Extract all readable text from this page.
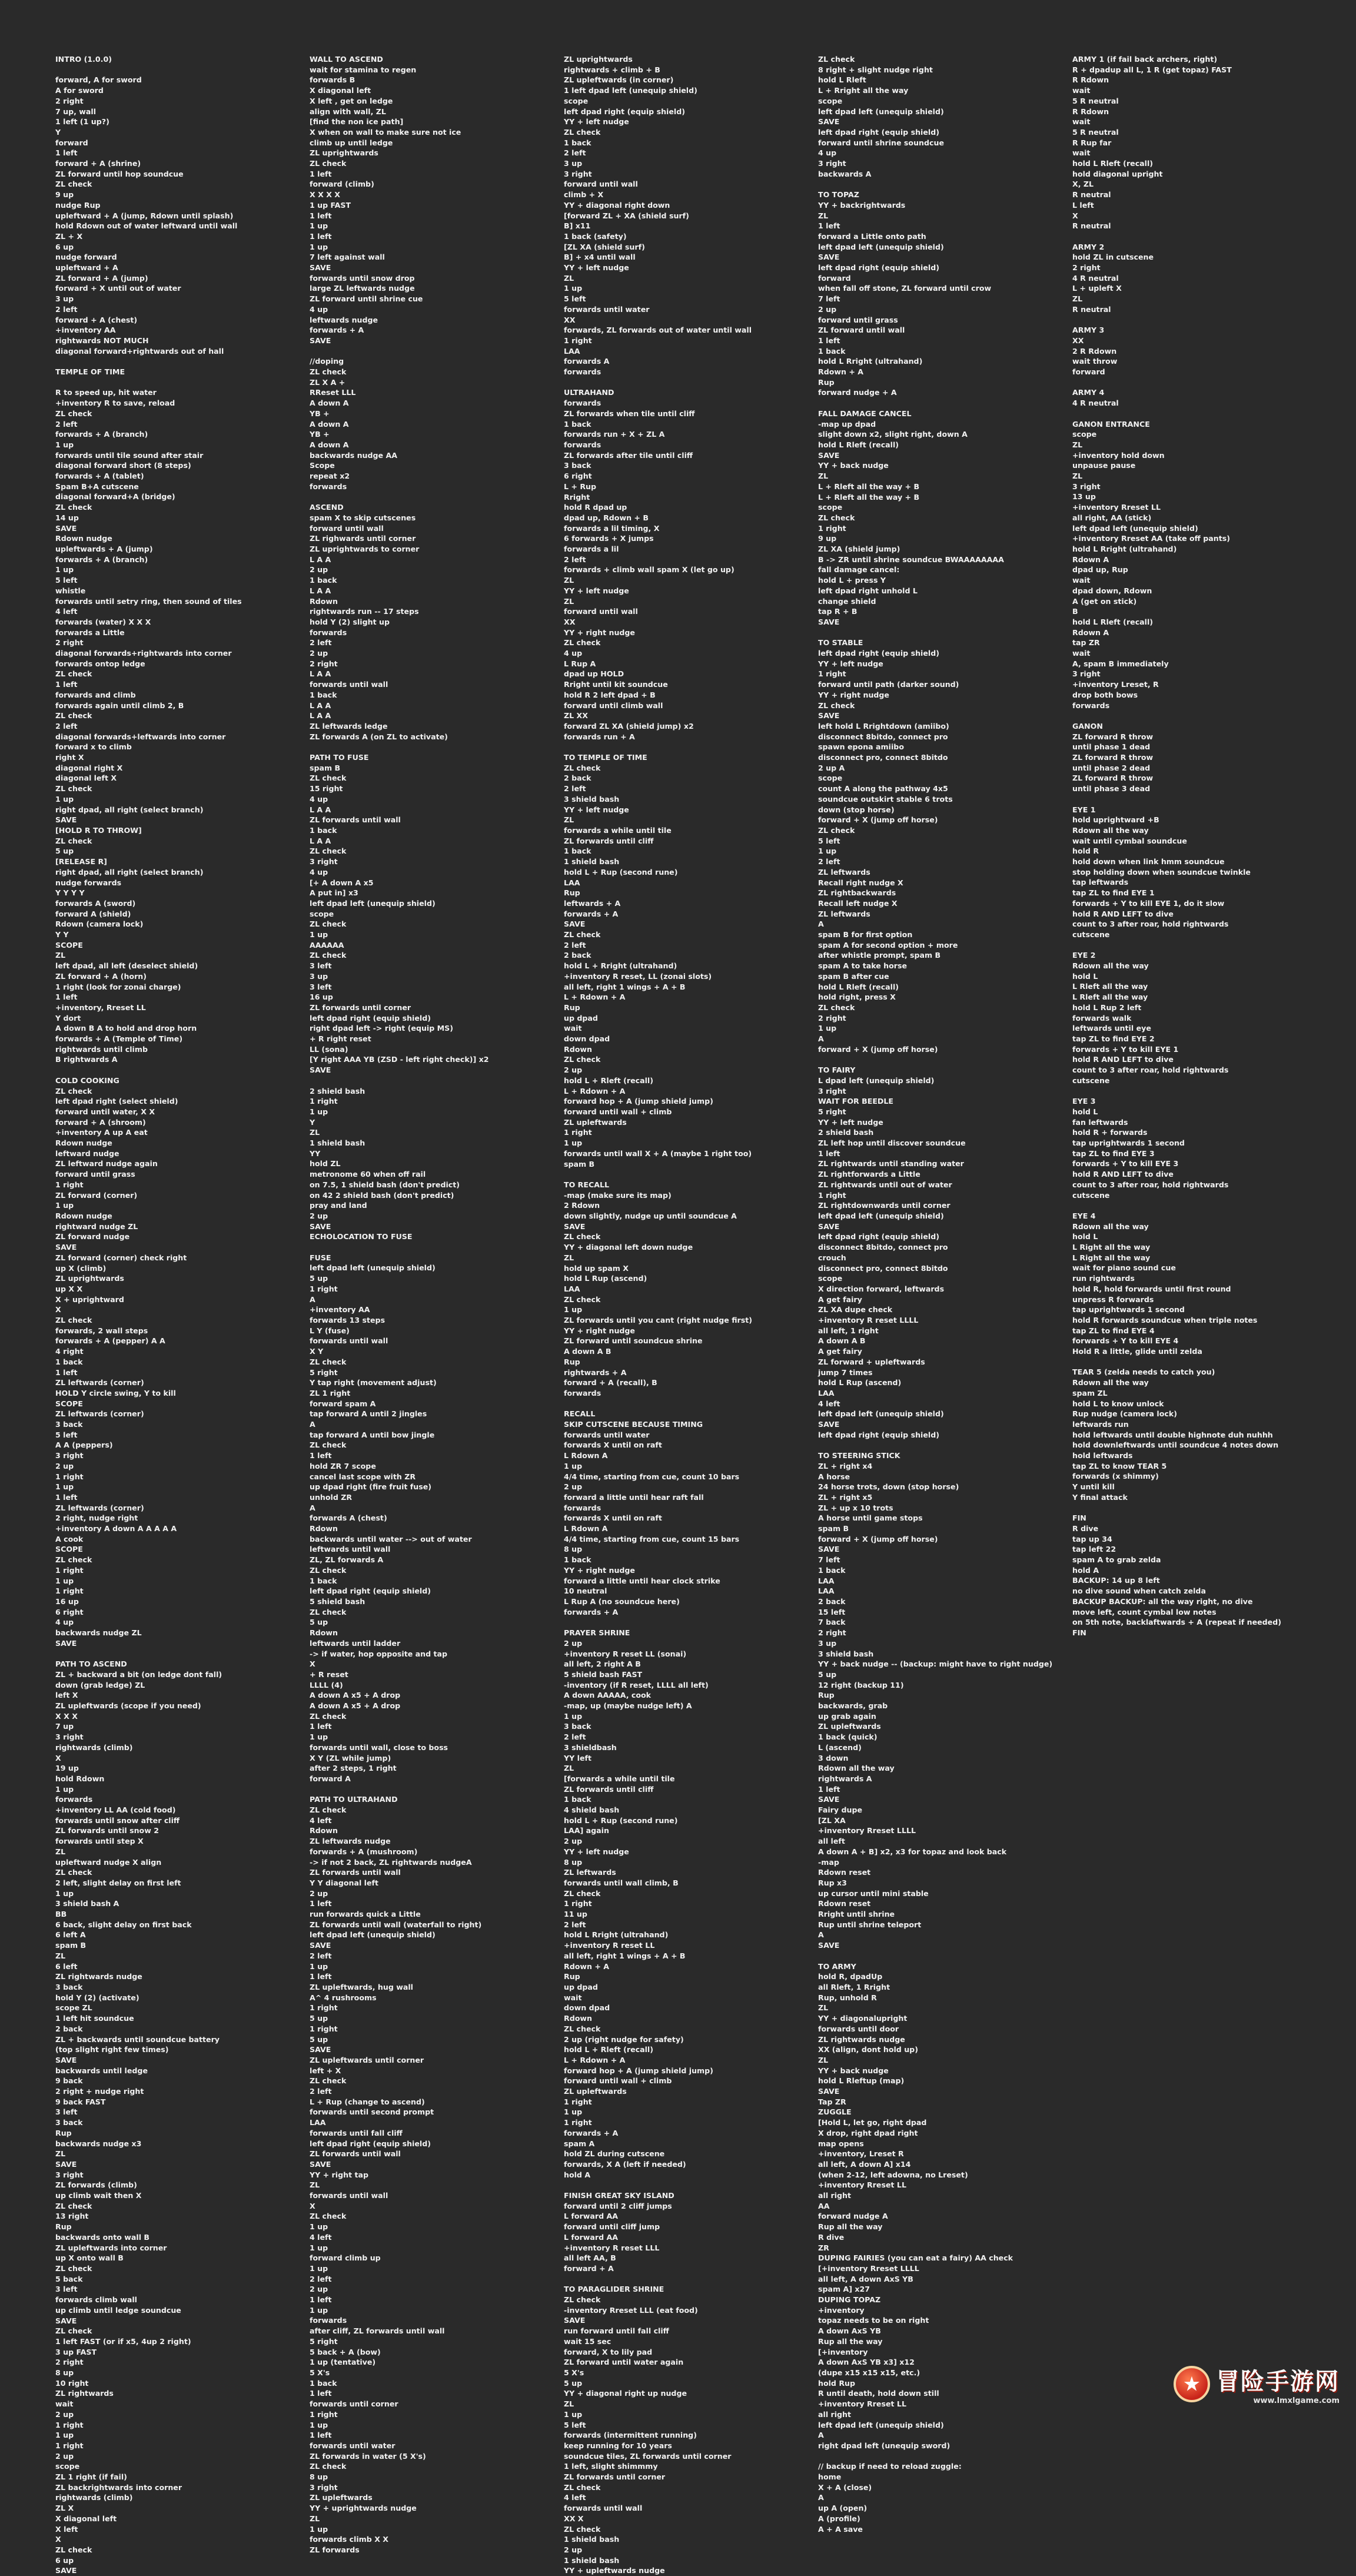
INTRO (1.0.0)
forward, A for sword
A for sword
2 right
7 up, wall
1 left (1 up?)
Y
forward
1 left
forward + A (shrine)
ZL forward until hop soundcue
ZL check
9 up
nudge Rup
upleftward + A (jump, Rdown until splash)
hold Rdown out of water leftward until wall
ZL + X
6 up
nudge forward
upleftward + A
ZL forward + A (jump)
forward + X until out of water
3 up
2 left
forward + A (chest)
+inventory AA
rightwards NOT MUCH
diagonal forward+rightwards out of hall
TEMPLE OF TIME
R to speed up, hit water
+inventory R to save, reload
ZL check
2 left
forwards + A (branch)
1 up
forwards until tile sound after stair
diagonal forward short (8 steps)
forwards + A (tablet)
Spam B+A cutscene
diagonal forward+A (bridge)
ZL check
14 up
SAVE
Rdown nudge
upleftwards + A (jump)
forwards + A (branch)
1 up
5 left
whistle
forwards until setry ring, then sound of tiles
4 left
forwards (water) X X X
forwards a Little
2 right
diagonal forwards+rightwards into corner
forwards ontop ledge
ZL check
1 left
forwards and climb
forwards again until climb 2, B
ZL check
2 left
diagonal forwards+leftwards into corner
forward x to climb
right X
diagonal right X
diagonal left X
ZL check
1 up
right dpad, all right (select branch)
SAVE
[HOLD R TO THROW]
ZL check
5 up
[RELEASE R]
right dpad, all right (select branch)
nudge forwards
Y Y Y Y
forwards A (sword)
forward A (shield)
Rdown (camera lock)
Y Y
SCOPE
ZL
left dpad, all left (deselect shield)
ZL forward + A (horn)
1 right (look for zonai charge)
1 left
+inventory, Rreset LL
Y dort
A down B A to hold and drop horn
forwards + A (Temple of Time)
rightwards until climb
B rightwards A
COLD COOKING
ZL check
left dpad right (select shield)
forward until water, X X
forward + A (shroom)
+inventory A up A eat
Rdown nudge
leftward nudge
ZL leftward nudge again
forward until grass
1 right
ZL forward (corner)
1 up
Rdown nudge
rightward nudge ZL
ZL forward nudge
SAVE
ZL forward (corner) check right
up X (climb)
ZL uprightwards
up X X
X + uprightward
X
ZL check
forwards, 2 wall steps
forwards + A (pepper) A A
4 right
1 back
1 left
ZL leftwards (corner)
HOLD Y circle swing, Y to kill
SCOPE
ZL leftwards (corner)
3 back
5 left
A A (peppers)
3 right
2 up
1 right
1 up
1 left
ZL leftwards (corner)
2 right, nudge right
+inventory A down A A A A A
A cook
SCOPE
ZL check
1 right
1 up
1 right
16 up
6 right
4 up
backwards nudge ZL
SAVE
PATH TO ASCEND
ZL + backward a bit (on ledge dont fall)
down (grab ledge) ZL
left X
ZL upleftwards (scope if you need)
X X X
7 up
3 right
rightwards (climb)
X
19 up
hold Rdown
1 up
forwards
+inventory LL AA (cold food)
forwards until snow after cliff
ZL forwards until snow 2
forwards until step X
ZL
upleftward nudge X align
ZL check
2 left, slight delay on first left
1 up
3 shield bash A
BB
6 back, slight delay on first back
6 left A
spam B
ZL
6 left
ZL rightwards nudge
3 back
hold Y (2) (activate)
scope ZL
1 left hit soundcue
2 back
ZL + backwards until soundcue battery
(top slight right few times)
SAVE
backwards until ledge
9 back
2 right + nudge right
9 back FAST
3 left
3 back
Rup
backwards nudge x3
ZL
SAVE
3 right
ZL forwards (climb)
up climb wait then X
ZL check
13 right
Rup
backwards onto wall B
ZL upleftwards into corner
up X onto wall B
ZL check
5 back
3 left
forwards climb wall
up climb until ledge soundcue
SAVE
ZL check
1 left FAST (or if x5, 4up 2 right)
3 up FAST
2 right
8 up
10 right
ZL rightwards
wait
2 up
1 right
1 up
1 right
2 up
scope
ZL 1 right (if fail)
ZL backrightwards into corner
rightwards (climb)
ZL X
X diagonal left
X left
X
ZL check
6 up
SAVE
WALL TO ASCEND
wait for stamina to regen
forwards B
X diagonal left
X left , get on ledge
align with wall, ZL
[find the non ice path]
X when on wall to make sure not ice
climb up until ledge
ZL uprightwards
ZL check
1 left
forward (climb)
X X X X
1 up FAST
1 left
1 up
1 left
1 up
7 left against wall
SAVE
forwards until snow drop
large ZL leftwards nudge
ZL forward until shrine cue
4 up
leftwards nudge
forwards + A
SAVE
//doping
ZL check
ZL X A +
RReset LLL
A down A
YB +
A down A
YB +
A down A
backwards nudge AA
Scope
repeat x2
forwards
ASCEND
spam X to skip cutscenes
forward until wall
ZL righwards until corner
ZL uprightwards to corner
L A A
2 up
1 back
L A A
Rdown
rightwards run -- 17 steps
hold Y (2) slight up
forwards
2 left
2 up
2 right
L A A
forwards until wall
1 back
L A A
L A A
ZL leftwards ledge
ZL forwards A (on ZL to activate)
PATH TO FUSE
spam B
ZL check
15 right
4 up
L A A
ZL forwards until wall
1 back
L A A
ZL check
3 right
4 up
[+ A down A x5
A put in] x3
left dpad left (unequip shield)
scope
ZL check
1 up
AAAAAA
ZL check
3 left
3 up
3 left
16 up
ZL forwards until corner
left dpad right (equip shield)
right dpad left -> right (equip MS)
+ R right reset
LL (sona)
[Y right AAA YB (ZSD - left right check)] x2
SAVE
2 shield bash
1 right
1 up
Y
ZL
1 shield bash
YY
hold ZL
metronome 60 when off rail
on 7.5, 1 shield bash (don't predict)
on 42 2 shield bash (don't predict)
pray and land
2 up
SAVE
ECHOLOCATION TO FUSE
FUSE
left dpad left (unequip shield)
5 up
1 right
A
+inventory AA
forwards 13 steps
L Y (fuse)
forwards until wall
X Y
ZL check
5 right
Y tap right (movement adjust)
ZL 1 right
forward spam A
tap forward A until 2 jingles
A
tap forward A until bow jingle
ZL check
1 left
hold ZR 7 scope
cancel last scope with ZR
up dpad right (fire fruit fuse)
unhold ZR
A
forwards A (chest)
Rdown
backwards until water --> out of water
leftwards until wall
ZL, ZL forwards A
ZL check
1 back
left dpad right (equip shield)
5 shield bash
ZL check
5 up
Rdown
leftwards until ladder
-> if water, hop opposite and tap
X
+ R reset
LLLL (4)
A down A x5 + A drop
A down A x5 + A drop
ZL check
1 left
1 up
forwards until wall, close to boss
X Y (ZL while jump)
after 2 steps, 1 right
forward A
PATH TO ULTRAHAND
ZL check
4 left
Rdown
ZL leftwards nudge
forwards + A (mushroom)
-> if not 2 back, ZL rightwards nudgeA
ZL forwards until wall
Y Y diagonal left
2 up
1 left
run forwards quick a Little
ZL forwards until wall (waterfall to right)
left dpad left (unequip shield)
SAVE
2 left
1 up
1 left
ZL upleftwards, hug wall
A^ 4 rushrooms
1 right
5 up
1 right
5 up
SAVE
ZL upleftwards until corner
left + X
ZL check
2 left
L + Rup (change to ascend)
forwards until second prompt
LAA
forwards until fall cliff
left dpad right (equip shield)
ZL forwards until wall
SAVE
YY + right tap
ZL
forwards until wall
X
ZL check
1 up
4 left
1 up
forward climb up
1 up
2 left
2 up
1 left
1 up
forwards
after cliff, ZL forwards until wall
5 right
5 back + A (bow)
1 up (tentative)
5 X's
1 back
1 left
forwards until corner
1 right
1 up
1 left
forwards until water
ZL forwards in water (5 X's)
ZL check
8 up
3 right
ZL upleftwards
YY + uprightwards nudge
ZL
1 up
forwards climb X X
ZL forwards
ZL uprightwards
rightwards + climb + B
ZL upleftwards (in corner)
1 left dpad left (unequip shield)
scope
left dpad right (equip shield)
YY + left nudge
ZL check
1 back
2 left
3 up
3 right
forward until wall
climb + X
YY + diagonal right down
[forward ZL + XA (shield surf)
B] x11
1 back (safety)
[ZL XA (shield surf)
B] + x4 until wall
YY + left nudge
ZL
1 up
5 left
forwards until water
XX
forwards, ZL forwards out of water until wall
1 right
LAA
forwards A
forwards
ULTRAHAND
forwards
ZL forwards when tile until cliff
1 back
forwards run + X + ZL A
forwards
ZL forwards after tile until cliff
3 back
6 right
L + Rup
Rright
hold R dpad up
dpad up, Rdown + B
forwards a lil timing, X
6 forwards + X jumps
forwards a lil
2 left
forwards + climb wall spam X (let go up)
ZL
YY + left nudge
ZL
forward until wall
XX
YY + right nudge
ZL check
4 up
L Rup A
dpad up HOLD
Rright until kit soundcue
hold R 2 left dpad + B
forward until climb wall
ZL XX
forward ZL XA (shield jump) x2
forwards run + A
TO TEMPLE OF TIME
ZL check
2 back
2 left
3 shield bash
YY + left nudge
ZL
forwards a while until tile
ZL forwards until cliff
1 back
1 shield bash
hold L + Rup (second rune)
LAA
Rup
leftwards + A
forwards + A
SAVE
ZL check
2 left
2 back
hold L + Rright (ultrahand)
+inventory R reset, LL (zonai slots)
all left, right 1 wings + A + B
L + Rdown + A
Rup
up dpad
wait
down dpad
Rdown
ZL check
2 up
hold L + Rleft (recall)
L + Rdown + A
forward hop + A (jump shield jump)
forward until wall + climb
ZL upleftwards
1 right
1 up
forwards until wall X + A (maybe 1 right too)
spam B
TO RECALL
-map (make sure its map)
2 Rdown
down slightly, nudge up until soundcue A
SAVE
ZL check
YY + diagonal left down nudge
ZL
hold up spam X
hold L Rup (ascend)
LAA
ZL check
1 up
ZL forwards until you cant (right nudge first)
YY + right nudge
ZL forward until soundcue shrine
A down A B
Rup
rightwards + A
forward + A (recall), B
forwards
RECALL
SKIP CUTSCENE BECAUSE TIMING
forwards until water
forwards X until on raft
L Rdown A
1 up
4/4 time, starting from cue, count 10 bars
2 up
forward a little until hear raft fall
forwards
forwards X until on raft
L Rdown A
4/4 time, starting from cue, count 15 bars
8 up
1 back
YY + right nudge
forward a little until hear clock strike
10 neutral
L Rup A (no soundcue here)
forwards + A
PRAYER SHRINE
2 up
+inventory R reset LL (sonai)
all left, 2 right A B
5 shield bash FAST
-inventory (if R reset, LLLL all left)
A down AAAAA, cook
-map, up (maybe nudge left) A
1 up
3 back
2 left
3 shieldbash
YY left
ZL
[forwards a while until tile
ZL forwards until cliff
1 back
4 shield bash
hold L + Rup (second rune)
LAA] again
2 up
YY + left nudge
8 up
ZL leftwards
forwards until wall climb, B
ZL check
1 right
11 up
2 left
hold L Rright (ultrahand)
+inventory R reset LL
all left, right 1 wings + A + B
Rdown + A
Rup
up dpad
wait
down dpad
Rdown
ZL check
2 up (right nudge for safety)
hold L + Rleft (recall)
L + Rdown + A
forward hop + A (jump shield jump)
forward until wall + climb
ZL upleftwards
1 right
1 up
1 right
forwards + A
spam A
hold ZL during cutscene
forwards, X A (left if needed)
hold A
FINISH GREAT SKY ISLAND
forward until 2 cliff jumps
L forward AA
forward until cliff jump
L forward AA
+inventory R reset LLL
all left AA, B
forward + A
TO PARAGLIDER SHRINE
ZL check
-inventory Rreset LLL (eat food)
SAVE
run forward until fall cliff
wait 15 sec
forward, X to lily pad
ZL forward until water again
5 X's
5 up
YY + diagonal right up nudge
ZL
1 up
5 left
forwards (intermittent running)
keep running for 10 years
soundcue tiles, ZL forwards until corner
1 left, slight shimmmy
ZL forwards until corner
ZL check
4 left
forwards until wall
XX X
ZL check
1 shield bash
2 up
1 shield bash
YY + upleftwards nudge
ZL check
8 right + slight nudge right
hold L Rleft
L + Rright all the way
scope
left dpad left (unequip shield)
SAVE
left dpad right (equip shield)
forward until shrine soundcue
4 up
3 right
backwards A
TO TOPAZ
YY + backrightwards
ZL
1 left
forward a Little onto path
left dpad left (unequip shield)
SAVE
left dpad right (equip shield)
forward
when fall off stone, ZL forward until crow
7 left
2 up
forward until grass
ZL forward until wall
1 left
1 back
hold L Rright (ultrahand)
Rdown + A
Rup
forward nudge + A
FALL DAMAGE CANCEL
-map up dpad
slight down x2, slight right, down A
hold L Rleft (recall)
SAVE
YY + back nudge
ZL
L + Rleft all the way + B
L + Rleft all the way + B
scope
ZL check
1 right
9 up
ZL XA (shield jump)
B -> ZR until shrine soundcue BWAAAAAAAA
fall damage cancel:
hold L + press Y
left dpad right unhold L
change shield
tap R + B
SAVE
TO STABLE
left dpad right (equip shield)
YY + left nudge
1 right
forward until path (darker sound)
YY + right nudge
ZL check
SAVE
left hold L Rrightdown (amiibo)
disconnect 8bitdo, connect pro
spawn epona amiibo
disconnect pro, connect 8bitdo
2 up A
scope
count A along the pathway 4x5
soundcue outskirt stable 6 trots
down (stop horse)
forward + X (jump off horse)
ZL check
5 left
1 up
2 left
ZL leftwards
Recall right nudge X
ZL rightbackwards
Recall left nudge X
ZL leftwards
A
spam B for first option
spam A for second option + more
after whistle prompt, spam B
spam A to take horse
spam B after cue
hold L Rleft (recall)
hold right, press X
ZL check
2 right
1 up
A
forward + X (jump off horse)
TO FAIRY
L dpad left (unequip shield)
3 right
WAIT FOR BEEDLE
5 right
YY + left nudge
2 shield bash
ZL left hop until discover soundcue
1 left
ZL rightwards until standing water
ZL rightforwards a Little
ZL rightwards until out of water
1 right
ZL rightdownwards until corner
left dpad left (unequip shield)
SAVE
left dpad right (equip shield)
disconnect 8bitdo, connect pro
crouch
disconnect pro, connect 8bitdo
scope
X direction forward, leftwards
A get fairy
ZL XA dupe check
+inventory R reset LLLL
all left, 1 right
A down A B
A get fairy
ZL forward + upleftwards
jump 7 times
hold L Rup (ascend)
LAA
4 left
left dpad left (unequip shield)
SAVE
left dpad right (equip shield)
TO STEERING STICK
ZL + right x4
A horse
24 horse trots, down (stop horse)
ZL + right x5
ZL + up x 10 trots
A horse until game stops
spam B
forward + X (jump off horse)
SAVE
7 left
1 back
LAA
LAA
2 back
15 left
7 back
2 right
3 up
3 shield bash
YY + back nudge -- (backup: might have to right nudge)
5 up
12 right (backup 11)
Rup
backwards, grab
up grab again
ZL upleftwards
1 back (quick)
L (ascend)
3 down
Rdown all the way
rightwards A
1 left
SAVE
Fairy dupe
[ZL XA
+inventory Rreset LLLL
all left
A down A + B] x2, x3 for topaz and look back
-map
Rdown reset
Rup x3
up cursor until mini stable
Rdown reset
Rright until shrine
Rup until shrine teleport
A
SAVE
TO ARMY
hold R, dpadUp
all Rleft, 1 Rright
Rup, unhold R
ZL
YY + diagonalupright
forwards until door
ZL rightwards nudge
XX (align, dont hold up)
ZL
YY + back nudge
hold L Rleftup (map)
SAVE
Tap ZR
ZUGGLE
[Hold L, let go, right dpad
X drop, right dpad right
map opens
+inventory, Lreset R
all left, A down A] x14
(when 2-12, left adowna, no Lreset)
+inventory Rreset LL
all right
AA
forward nudge A
Rup all the way
R dive
ZR
DUPING FAIRIES (you can eat a fairy) AA check
[+inventory Rreset LLLL
all left, A down AxS YB
spam A] x27
DUPING TOPAZ
+inventory
topaz needs to be on right
A down AxS YB
Rup all the way
[+inventory
A down AxS YB x3] x12
(dupe x15 x15 x15, etc.)
hold Rup
R until death, hold down still
+inventory Rreset LL
all right
left dpad left (unequip shield)
A
right dpad left (unequip sword)
// backup if need to reload zuggle:
home
X + A (close)
A
up A (open)
A (profile)
A + A save
ARMY 1 (if fail back archers, right)
R + dpadup all L, 1 R (get topaz) FAST
R Rdown
wait
5 R neutral
R Rdown
wait
5 R neutral
R Rup far
wait
hold L Rleft (recall)
hold diagonal upright
X, ZL
R neutral
L left
X
R neutral
ARMY 2
hold ZL in cutscene
2 right
4 R neutral
L + upleft X
ZL
R neutral
ARMY 3
XX
2 R Rdown
wait throw
forward
ARMY 4
4 R neutral
GANON ENTRANCE
scope
ZL
+inventory hold down
unpause pause
ZL
3 right
13 up
+inventory Rreset LL
all right, AA (stick)
left dpad left (unequip shield)
+inventory Rreset AA (take off pants)
hold L Rright (ultrahand)
Rdown A
dpad up, Rup
wait
dpad down, Rdown
A (get on stick)
B
hold L Rleft (recall)
Rdown A
tap ZR
wait
A, spam B immediately
3 right
+inventory Lreset, R
drop both bows
forwards
GANON
ZL forward R throw
until phase 1 dead
ZL forward R throw
until phase 2 dead
ZL forward R throw
until phase 3 dead
EYE 1
hold uprightward +B
Rdown all the way
wait until cymbal soundcue
hold R
hold down when link hmm soundcue
stop holding down when soundcue twinkle
tap leftwards
tap ZL to find EYE 1
forwards + Y to kill EYE 1, do it slow
hold R AND LEFT to dive
count to 3 after roar, hold rightwards
cutscene
EYE 2
Rdown all the way
hold L
L Rleft all the way
L Rleft all the way
hold L Rup 2 left
forwards walk
leftwards until eye
tap ZL to find EYE 2
forwards + Y to kill EYE 1
hold R AND LEFT to dive
count to 3 after roar, hold rightwards
cutscene
EYE 3
hold L
fan leftwards
hold R + forwards
tap uprightwards 1 second
tap ZL to find EYE 3
forwards + Y to kill EYE 3
hold R AND LEFT to dive
count to 3 after roar, hold rightwards
cutscene
EYE 4
Rdown all the way
hold L
L Right all the way
L Right all the way
wait for piano sound cue
run rightwards
hold R, hold forwards until first round
unpress R forwards
tap uprightwards 1 second
hold R forwards soundcue when triple notes
tap ZL to find EYE 4
forwards + Y to kill EYE 4
Hold R a little, glide until zelda
TEAR 5 (zelda needs to catch you)
Rdown all the way
spam ZL
hold L to know unlock
Rup nudge (camera lock)
leftwards run
hold leftwards until double highnote duh nuhhh
hold downleftwards until soundcue 4 notes down
hold leftwards
tap ZL to know TEAR 5
forwards (x shimmy)
Y until kill
Y final attack
FIN
R dive
tap up 34
tap left 22
spam A to grab zelda
hold A
BACKUP: 14 up 8 left
no dive sound when catch zelda
BACKUP BACKUP: all the way right, no dive
move left, count cymbal low notes
on 5th note, backlaftwards + A (repeat if needed)
FIN
★ 冒险手游网
www.lmxlgame.com
